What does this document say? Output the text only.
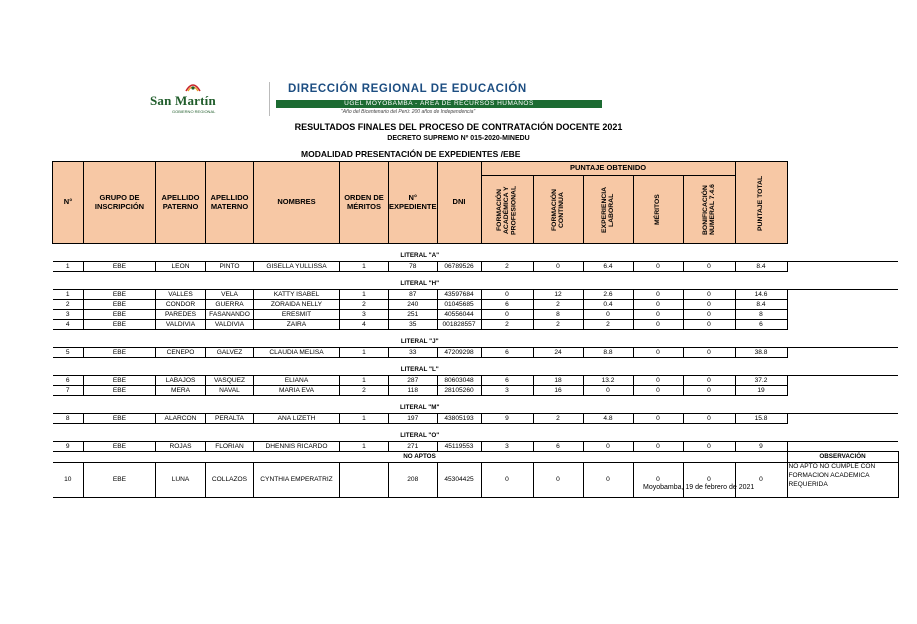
San Martín
GOBIERNO REGIONAL
DIRECCIÓN REGIONAL DE EDUCACIÓN
UGEL MOYOBAMBA - ÁREA DE RECURSOS HUMANOS
"Año del Bicentenario del Perú: 200 años de Independencia"
RESULTADOS FINALES DEL PROCESO DE CONTRATACIÓN DOCENTE 2021
DECRETO SUPREMO Nº 015-2020-MINEDU
MODALIDAD PRESENTACIÓN DE EXPEDIENTES /EBE
N°	GRUPO DE INSCRIPCIÓN	APELLIDO PATERNO	APELLIDO MATERNO	NOMBRES	ORDEN DE MÉRITOS	N° EXPEDIENTE	DNI	PUNTAJE OBTENIDO					PUNTAJE TOTAL	

								FORMACIÓN ACADÉMICA Y PROFESIONAL	FORMACIÓN CONTINUA	EXPERIENCIA LABORAL	MÉRITOS	BONIFICACIÓN NUMERAL 7.4.6		

LITERAL "A"														
1	EBE	LEON	PINTO	GISELLA YULLISSA	1	78	06789526	2	0	6.4	0	0	8.4	

LITERAL "H"														
1	EBE	VALLES	VELA	KATTY ISABEL	1	87	43597684	0	12	2.6	0	0	14.6	
2	EBE	CONDOR	GUERRA	ZORAIDA NELLY	2	240	01045685	6	2	0.4	0	0	8.4	
3	EBE	PAREDES	FASANANDO	ERESMIT	3	251	40556044	0	8	0	0	0	8	
4	EBE	VALDIVIA	VALDIVIA	ZAIRA	4	35	001828557	2	2	2	0	0	6	

LITERAL "J"														
5	EBE	CENEPO	GALVEZ	CLAUDIA MELISA	1	33	47209298	6	24	8.8	0	0	38.8	

LITERAL "L"														
6	EBE	LABAJOS	VASQUEZ	ELIANA	1	287	80603048	6	18	13.2	0	0	37.2	
7	EBE	MERA	NAVAL	MARIA EVA	2	118	28105260	3	16	0	0	0	19	

LITERAL "M"														
8	EBE	ALARCON	PERALTA	ANA LIZETH	1	197	43805193	9	2	4.8	0	0	15.8	

LITERAL "O"														
9	EBE	ROJAS	FLORIAN	DHENNIS RICARDO	1	271	45119553	3	6	0	0	0	9	
NO APTOS														OBSERVACIÓN
10	EBE	LUNA	COLLAZOS	CYNTHIA EMPERATRIZ		208	45304425	0	0	0	0	0	0	NO APTO NO CUMPLE CON FORMACION ACADEMICA REQUERIDA
Moyobamba, 19 de febrero de 2021
